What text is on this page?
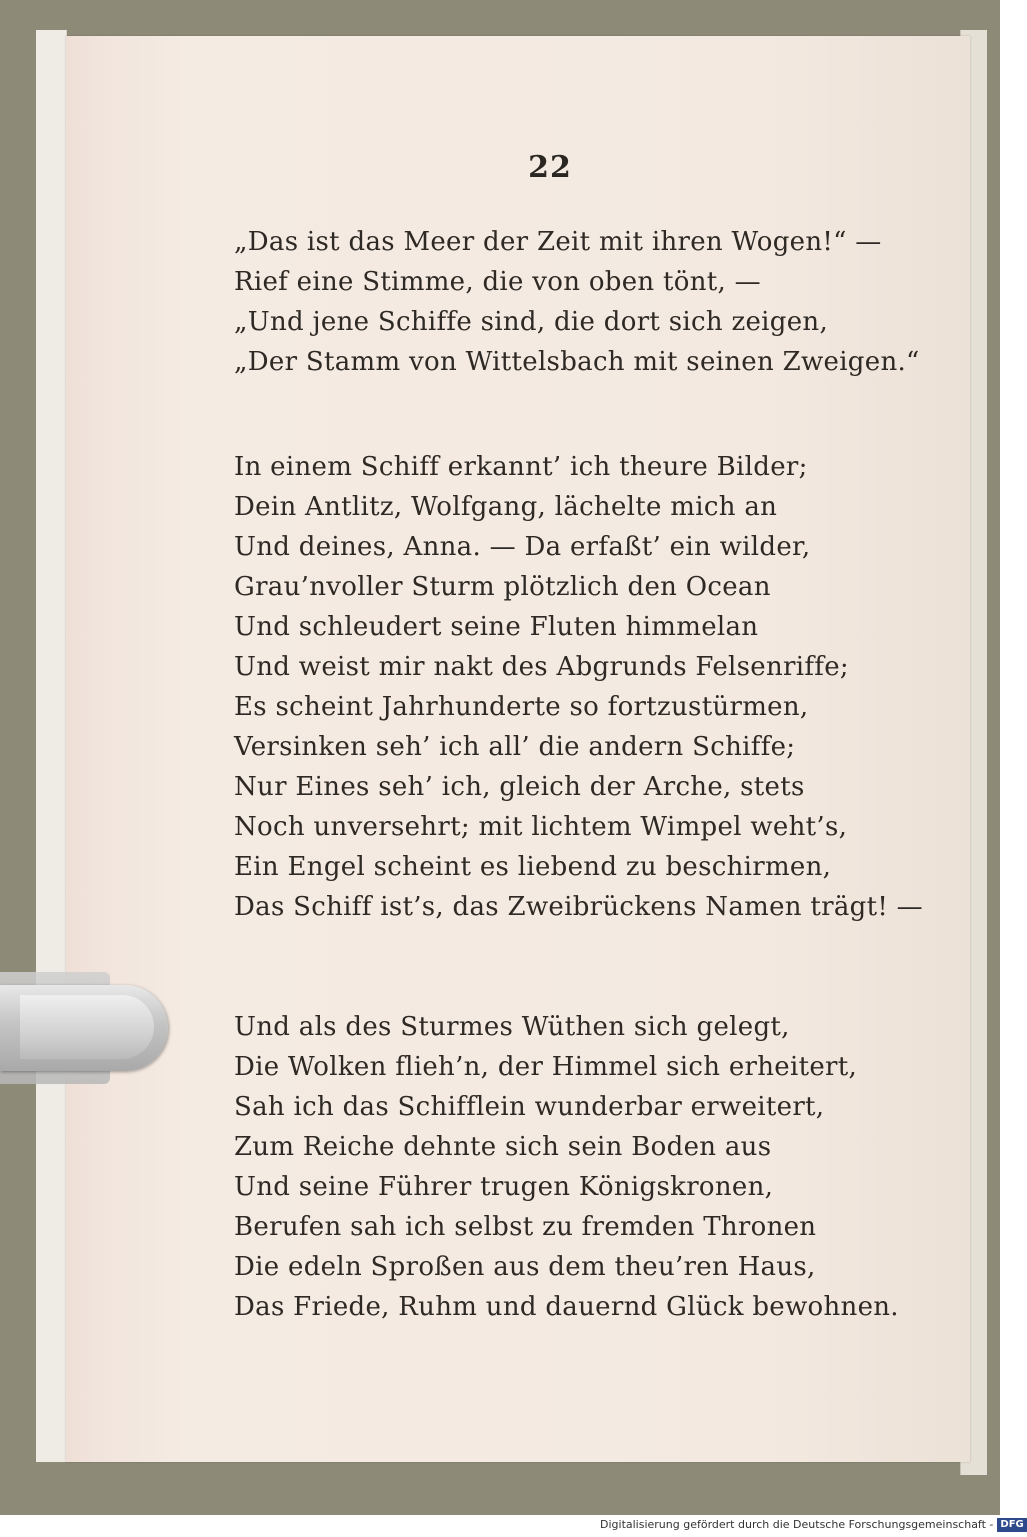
22
„Das ist das Meer der Zeit mit ihren Wogen!“ —
Rief eine Stimme, die von oben tönt, —
„Und jene Schiffe sind, die dort sich zeigen,
„Der Stamm von Wittelsbach mit seinen Zweigen.“
In einem Schiff erkannt’ ich theure Bilder;
Dein Antlitz, Wolfgang, lächelte mich an
Und deines, Anna. — Da erfaßt’ ein wilder,
Grau’nvoller Sturm plötzlich den Ocean
Und schleudert seine Fluten himmelan
Und weist mir nakt des Abgrunds Felsenriffe;
Es scheint Jahrhunderte so fortzustürmen,
Versinken seh’ ich all’ die andern Schiffe;
Nur Eines seh’ ich, gleich der Arche, stets
Noch unversehrt; mit lichtem Wimpel weht’s,
Ein Engel scheint es liebend zu beschirmen,
Das Schiff ist’s, das Zweibrückens Namen trägt! —
Und als des Sturmes Wüthen sich gelegt,
Die Wolken flieh’n, der Himmel sich erheitert,
Sah ich das Schifflein wunderbar erweitert,
Zum Reiche dehnte sich sein Boden aus
Und seine Führer trugen Königskronen,
Berufen sah ich selbst zu fremden Thronen
Die edeln Sproßen aus dem theu’ren Haus,
Das Friede, Ruhm und dauernd Glück bewohnen.
Digitalisierung gefördert durch die Deutsche Forschungsgemeinschaft - DFG
